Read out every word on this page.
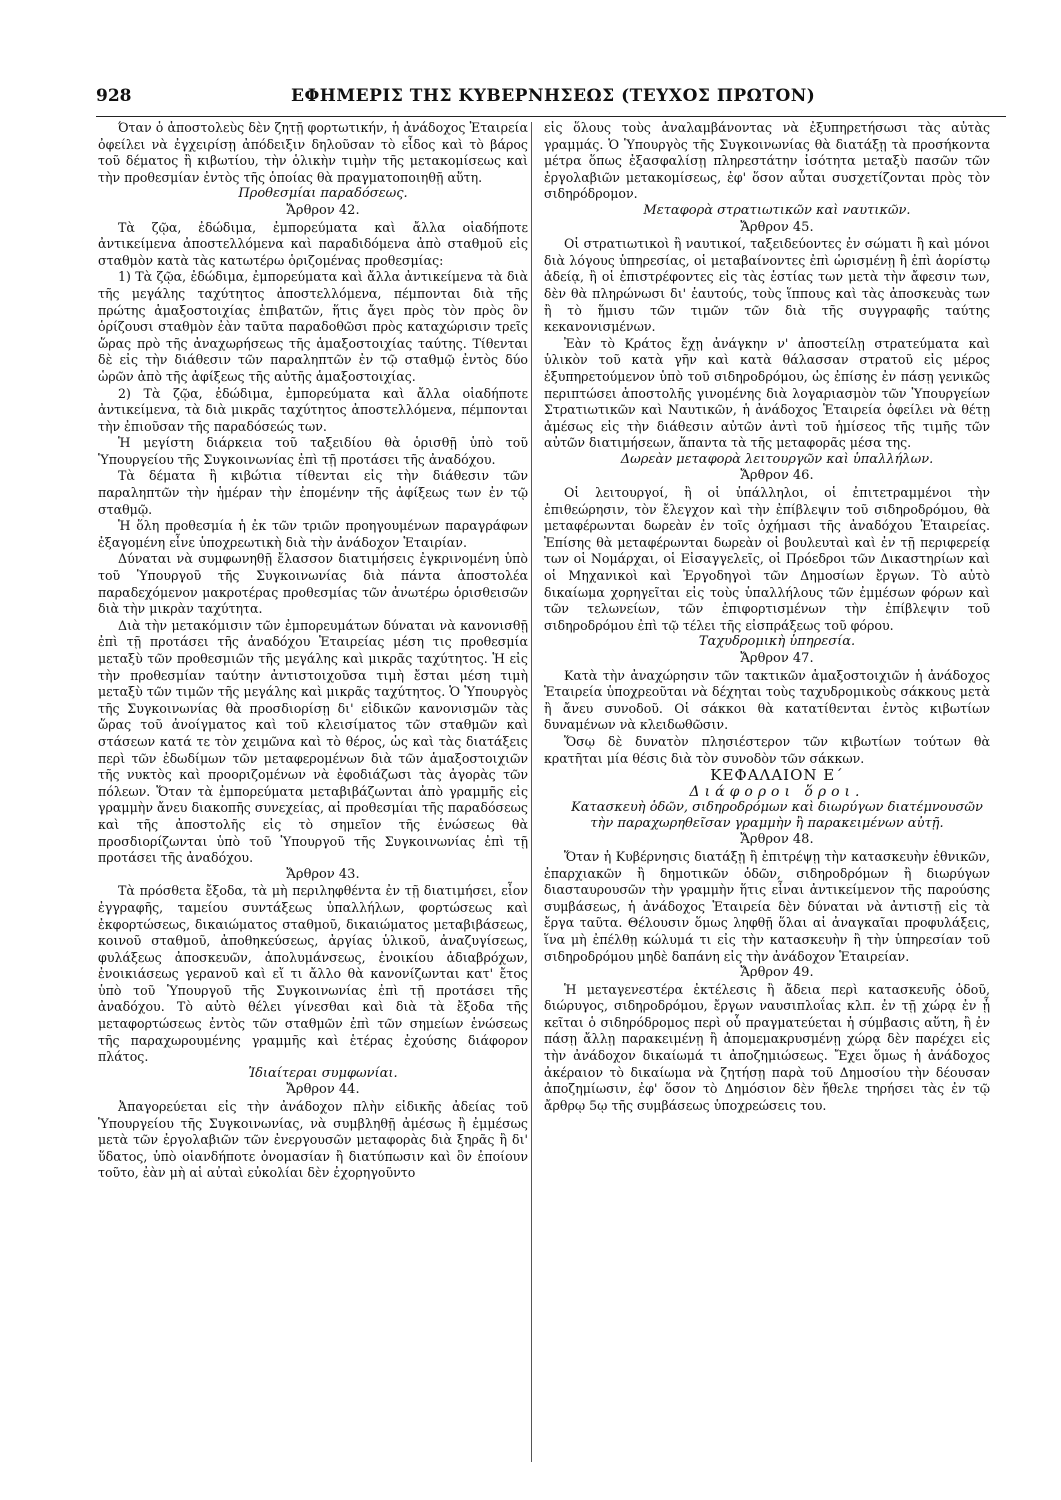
928	ΕΦΗΜΕΡΙΣ ΤΗΣ ΚΥΒΕΡΝΗΣΕΩΣ (ΤΕΥΧΟΣ ΠΡΩΤΟΝ)

Όταν ὁ ἀποστολεὺς δὲν ζητῇ φορτωτικήν, ἡ ἀνάδοχος Ἑταιρεία ὀφείλει νὰ ἐγχειρίσῃ ἀπόδειξιν δηλοῦσαν τὸ εἶδος καὶ τὸ βάρος τοῦ δέματος ἢ κιβωτίου, τὴν ὁλικὴν τιμὴν τῆς μετακομίσεως καὶ τὴν προθεσμίαν ἐντὸς τῆς ὁποίας θὰ πραγματοποιηθῇ αὕτη.

Προθεσμίαι παραδόσεως.

Ἄρθρον 42.

Τὰ ζῷα, ἐδώδιμα, ἐμπορεύματα καὶ ἄλλα οἱαδήποτε ἀντικείμενα ἀποστελλόμενα καὶ παραδιδόμενα ἀπὸ σταθμοῦ εἰς σταθμὸν κατὰ τὰς κατωτέρω ὁριζομένας προθεσμίας:

1) Τὰ ζῷα, ἐδώδιμα, ἐμπορεύματα καὶ ἄλλα ἀντικείμενα τὰ διὰ τῆς μεγάλης ταχύτητος ἀποστελλόμενα, πέμπονται διὰ τῆς πρώτης ἁμαξοστοιχίας ἐπιβατῶν, ἥτις ἄγει πρὸς τὸν πρὸς ὃν ὁρίζουσι σταθμὸν ἐὰν ταῦτα παραδοθῶσι πρὸς καταχώρισιν τρεῖς ὥρας πρὸ τῆς ἀναχωρήσεως τῆς ἁμαξοστοιχίας ταύτης. Τίθενται δὲ εἰς τὴν διάθεσιν τῶν παραληπτῶν ἐν τῷ σταθμῷ ἐντὸς δύο ὡρῶν ἀπὸ τῆς ἀφίξεως τῆς αὐτῆς ἁμαξοστοιχίας.

2) Τὰ ζῷα, ἐδώδιμα, ἐμπορεύματα καὶ ἄλλα οἱαδήποτε ἀντικείμενα, τὰ διὰ μικρᾶς ταχύτητος ἀποστελλόμενα, πέμπονται τὴν ἐπιοῦσαν τῆς παραδόσεώς των.

Ἡ μεγίστη διάρκεια τοῦ ταξειδίου θὰ ὁρισθῇ ὑπὸ τοῦ Ὑπουργείου τῆς Συγκοινωνίας ἐπὶ τῇ προτάσει τῆς ἀναδόχου.

Τὰ δέματα ἢ κιβώτια τίθενται εἰς τὴν διάθεσιν τῶν παραληπτῶν τὴν ἡμέραν τὴν ἐπομένην τῆς ἀφίξεως των ἐν τῷ σταθμῷ.

Ἡ ὅλη προθεσμία ἡ ἐκ τῶν τριῶν προηγουμένων παραγράφων ἐξαγομένη εἶνε ὑποχρεωτικὴ διὰ τὴν ἀνάδοχον Ἑταιρίαν.

Δύναται νὰ συμφωνηθῇ ἔλασσον διατιμήσεις ἐγκρινομένη ὑπὸ τοῦ Ὑπουργοῦ τῆς Συγκοινωνίας διὰ πάντα ἀποστολέα παραδεχόμενον μακροτέρας προθεσμίας τῶν ἀνωτέρω ὁρισθεισῶν διὰ τὴν μικρὰν ταχύτητα.

Διὰ τὴν μετακόμισιν τῶν ἐμπορευμάτων δύναται νὰ κανονισθῇ ἐπὶ τῇ προτάσει τῆς ἀναδόχου Ἑταιρείας μέση τις προθεσμία μεταξὺ τῶν προθεσμιῶν τῆς μεγάλης καὶ μικρᾶς ταχύτητος. Ἡ εἰς τὴν προθεσμίαν ταύτην ἀντιστοιχοῦσα τιμὴ ἔσται μέση τιμὴ μεταξὺ τῶν τιμῶν τῆς μεγάλης καὶ μικρᾶς ταχύτητος. Ὁ Ὑπουργὸς τῆς Συγκοινωνίας θὰ προσδιορίσῃ δι' εἰδικῶν κανονισμῶν τὰς ὥρας τοῦ ἀνοίγματος καὶ τοῦ κλεισίματος τῶν σταθμῶν καὶ στάσεων κατά τε τὸν χειμῶνα καὶ τὸ θέρος, ὡς καὶ τὰς διατάξεις περὶ τῶν ἐδωδίμων τῶν μεταφερομένων διὰ τῶν ἁμαξοστοιχιῶν τῆς νυκτὸς καὶ προοριζομένων νὰ ἐφοδιάζωσι τὰς ἀγορὰς τῶν πόλεων. Ὅταν τὰ ἐμπορεύματα μεταβιβάζωνται ἀπὸ γραμμῆς εἰς γραμμὴν ἄνευ διακοπῆς συνεχείας, αἱ προθεσμίαι τῆς παραδόσεως καὶ τῆς ἀποστολῆς εἰς τὸ σημεῖον τῆς ἑνώσεως θὰ προσδιορίζωνται ὑπὸ τοῦ Ὑπουργοῦ τῆς Συγκοινωνίας ἐπὶ τῇ προτάσει τῆς ἀναδόχου.

Ἄρθρον 43.

Τὰ πρόσθετα ἔξοδα, τὰ μὴ περιληφθέντα ἐν τῇ διατιμήσει, εἶον ἐγγραφῆς, ταμείου συντάξεως ὑπαλλήλων, φορτώσεως καὶ ἐκφορτώσεως, δικαιώματος σταθμοῦ, δικαιώματος μεταβιβάσεως, κοινοῦ σταθμοῦ, ἀποθηκεύσεως, ἀργίας ὑλικοῦ, ἀναζυγίσεως, φυλάξεως ἀποσκευῶν, ἀπολυμάνσεως, ἐνοικίου ἀδιαβρόχων, ἐνοικιάσεως γερανοῦ καὶ εἴ τι ἄλλο θὰ κανονίζωνται κατ' ἔτος ὑπὸ τοῦ Ὑπουργοῦ τῆς Συγκοινωνίας ἐπὶ τῇ προτάσει τῆς ἀναδόχου. Τὸ αὐτὸ θέλει γίνεσθαι καὶ διὰ τὰ ἔξοδα τῆς μεταφορτώσεως ἐντὸς τῶν σταθμῶν ἐπὶ τῶν σημείων ἑνώσεως τῆς παραχωρουμένης γραμμῆς καὶ ἑτέρας ἐχούσης διάφορον πλάτος.

Ἰδιαίτεραι συμφωνίαι.

Ἄρθρον 44.

Ἀπαγορεύεται εἰς τὴν ἀνάδοχον πλὴν εἰδικῆς ἀδείας τοῦ Ὑπουργείου τῆς Συγκοινωνίας, νὰ συμβληθῇ ἀμέσως ἢ ἐμμέσως μετὰ τῶν ἐργολαβιῶν τῶν ἐνεργουσῶν μεταφορὰς διὰ ξηρᾶς ἢ δι' ὕδατος, ὑπὸ οἱανδήποτε ὀνομασίαν ἢ διατύπωσιν καὶ ὃν ἐποίουν τοῦτο, ἐὰν μὴ αἱ αὐταὶ εὐκολίαι δὲν ἐχορηγοῦντο

εἰς ὅλους τοὺς ἀναλαμβάνοντας νὰ ἐξυπηρετήσωσι τὰς αὐτὰς γραμμάς. Ὁ Ὑπουργὸς τῆς Συγκοινωνίας θὰ διατάξῃ τὰ προσήκοντα μέτρα ὅπως ἐξασφαλίσῃ πληρεστάτην ἰσότητα μεταξὺ πασῶν τῶν ἐργολαβιῶν μετακομίσεως, ἐφ' ὅσον αὗται συσχετίζονται πρὸς τὸν σιδηρόδρομον.

Μεταφορὰ στρατιωτικῶν καὶ ναυτικῶν.

Ἄρθρον 45.

Οἱ στρατιωτικοὶ ἢ ναυτικοί, ταξειδεύοντες ἐν σώματι ἢ καὶ μόνοι διὰ λόγους ὑπηρεσίας, οἱ μεταβαίνοντες ἐπὶ ὡρισμένῃ ἢ ἐπὶ ἀορίστῳ ἀδείᾳ, ἢ οἱ ἐπιστρέφοντες εἰς τὰς ἑστίας των μετὰ τὴν ἄφεσιν των, δὲν θὰ πληρώνωσι δι' ἑαυτούς, τοὺς ἵππους καὶ τὰς ἀποσκευὰς των ἢ τὸ ἥμισυ τῶν τιμῶν τῶν διὰ τῆς συγγραφῆς ταύτης κεκανονισμένων.

Ἐὰν τὸ Κράτος ἔχῃ ἀνάγκην ν' ἀποστείλῃ στρατεύματα καὶ ὑλικὸν τοῦ κατὰ γῆν καὶ κατὰ θάλασσαν στρατοῦ εἰς μέρος ἐξυπηρετούμενον ὑπὸ τοῦ σιδηροδρόμου, ὡς ἐπίσης ἐν πάσῃ γενικῶς περιπτώσει ἀποστολῆς γινομένης διὰ λογαριασμὸν τῶν Ὑπουργείων Στρατιωτικῶν καὶ Ναυτικῶν, ἡ ἀνάδοχος Ἑταιρεία ὀφείλει νὰ θέτῃ ἀμέσως εἰς τὴν διάθεσιν αὐτῶν ἀντὶ τοῦ ἡμίσεος τῆς τιμῆς τῶν αὐτῶν διατιμήσεων, ἅπαντα τὰ τῆς μεταφορᾶς μέσα της.

Δωρεὰν μεταφορὰ λειτουργῶν καὶ ὑπαλλήλων.

Ἄρθρον 46.

Οἱ λειτουργοί, ἢ οἱ ὑπάλληλοι, οἱ ἐπιτετραμμένοι τὴν ἐπιθεώρησιν, τὸν ἔλεγχον καὶ τὴν ἐπίβλεψιν τοῦ σιδηροδρόμου, θὰ μεταφέρωνται δωρεὰν ἐν τοῖς ὀχήμασι τῆς ἀναδόχου Ἑταιρείας. Ἐπίσης θὰ μεταφέρωνται δωρεὰν οἱ βουλευταὶ καὶ ἐν τῇ περιφερείᾳ των οἱ Νομάρχαι, οἱ Εἰσαγγελεῖς, οἱ Πρόεδροι τῶν Δικαστηρίων καὶ οἱ Μηχανικοὶ καὶ Ἐργοδηγοὶ τῶν Δημοσίων ἔργων. Τὸ αὐτὸ δικαίωμα χορηγεῖται εἰς τοὺς ὑπαλλήλους τῶν ἐμμέσων φόρων καὶ τῶν τελωνείων, τῶν ἐπιφορτισμένων τὴν ἐπίβλεψιν τοῦ σιδηροδρόμου ἐπὶ τῷ τέλει τῆς εἰσπράξεως τοῦ φόρου.

Ταχυδρομικὴ ὑπηρεσία.

Ἄρθρον 47.

Κατὰ τὴν ἀναχώρησιν τῶν τακτικῶν ἁμαξοστοιχιῶν ἡ ἀνάδοχος Ἑταιρεία ὑποχρεοῦται νὰ δέχηται τοὺς ταχυδρομικοὺς σάκκους μετὰ ἢ ἄνευ συνοδοῦ. Οἱ σάκκοι θὰ κατατίθενται ἐντὸς κιβωτίων δυναμένων νὰ κλειδωθῶσιν.

Ὅσῳ δὲ δυνατὸν πλησιέστερον τῶν κιβωτίων τούτων θὰ κρατῆται μία θέσις διὰ τὸν συνοδὸν τῶν σάκκων.

ΚΕΦΑΛΑΙΟΝ Ε΄

Διάφοροι ὅροι.

Κατασκευὴ ὁδῶν, σιδηροδρόμων καὶ διωρύγων διατέμνουσῶν τὴν παραχωρηθεῖσαν γραμμὴν ἢ παρακειμένων αὐτῇ.

Ἄρθρον 48.

Ὅταν ἡ Κυβέρνησις διατάξῃ ἢ ἐπιτρέψῃ τὴν κατασκευὴν ἐθνικῶν, ἐπαρχιακῶν ἢ δημοτικῶν ὁδῶν, σιδηροδρόμων ἢ διωρύγων διασταυρουσῶν τὴν γραμμὴν ἥτις εἶναι ἀντικείμενον τῆς παρούσης συμβάσεως, ἡ ἀνάδοχος Ἑταιρεία δὲν δύναται νὰ ἀντιστῇ εἰς τὰ ἔργα ταῦτα. Θέλουσιν ὅμως ληφθῇ ὅλαι αἱ ἀναγκαῖαι προφυλάξεις, ἵνα μὴ ἐπέλθῃ κώλυμά τι εἰς τὴν κατασκευὴν ἢ τὴν ὑπηρεσίαν τοῦ σιδηροδρόμου μηδὲ δαπάνη εἰς τὴν ἀνάδοχον Ἑταιρείαν.

Ἄρθρον 49.

Ἡ μεταγενεστέρα ἐκτέλεσις ἢ ἄδεια περὶ κατασκευῆς ὁδοῦ, διώρυγος, σιδηροδρόμου, ἔργων ναυσιπλοΐας κλπ. ἐν τῇ χώρᾳ ἐν ᾗ κεῖται ὁ σιδηρόδρομος περὶ οὗ πραγματεύεται ἡ σύμβασις αὕτη, ἢ ἐν πάσῃ ἄλλῃ παρακειμένῃ ἢ ἀπομεμακρυσμένῃ χώρᾳ δὲν παρέχει εἰς τὴν ἀνάδοχον δικαίωμά τι ἀποζημιώσεως. Ἔχει ὅμως ἡ ἀνάδοχος ἀκέραιον τὸ δικαίωμα νὰ ζητήσῃ παρὰ τοῦ Δημοσίου τὴν δέουσαν ἀποζημίωσιν, ἐφ' ὅσον τὸ Δημόσιον δὲν ἤθελε τηρήσει τὰς ἐν τῷ ἄρθρῳ 5ῳ τῆς συμβάσεως ὑποχρεώσεις του.
